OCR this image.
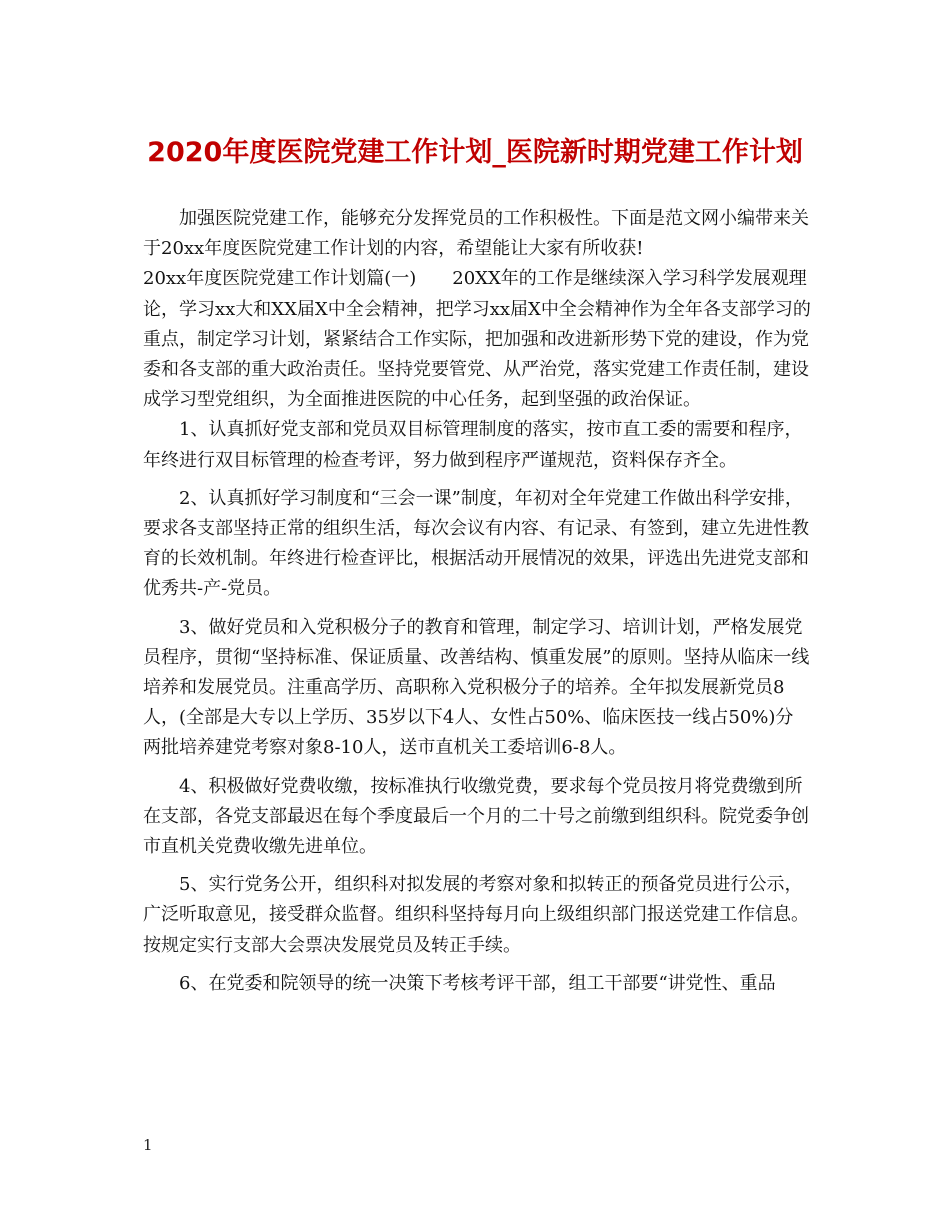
2020年度医院党建工作计划_医院新时期党建工作计划

加强医院党建工作，能够充分发挥党员的工作积极性。下面是范文网小编带来关于20xx年度医院党建工作计划的内容，希望能让大家有所收获!

20xx年度医院党建工作计划篇(一)　　20XX年的工作是继续深入学习科学发展观理论，学习xx大和XX届X中全会精神，把学习xx届X中全会精神作为全年各支部学习的重点，制定学习计划，紧紧结合工作实际，把加强和改进新形势下党的建设，作为党委和各支部的重大政治责任。坚持党要管党、从严治党，落实党建工作责任制，建设成学习型党组织，为全面推进医院的中心任务，起到坚强的政治保证。

1、认真抓好党支部和党员双目标管理制度的落实，按市直工委的需要和程序，年终进行双目标管理的检查考评，努力做到程序严谨规范，资料保存齐全。

2、认真抓好学习制度和“三会一课”制度，年初对全年党建工作做出科学安排，要求各支部坚持正常的组织生活，每次会议有内容、有记录、有签到，建立先进性教育的长效机制。年终进行检查评比，根据活动开展情况的效果，评选出先进党支部和优秀共-产-党员。

3、做好党员和入党积极分子的教育和管理，制定学习、培训计划，严格发展党员程序，贯彻“坚持标准、保证质量、改善结构、慎重发展”的原则。坚持从临床一线培养和发展党员。注重高学历、高职称入党积极分子的培养。全年拟发展新党员8人，(全部是大专以上学历、35岁以下4人、女性占50%、临床医技一线占50%)分两批培养建党考察对象8-10人，送市直机关工委培训6-8人。

4、积极做好党费收缴，按标准执行收缴党费，要求每个党员按月将党费缴到所在支部，各党支部最迟在每个季度最后一个月的二十号之前缴到组织科。院党委争创市直机关党费收缴先进单位。

5、实行党务公开，组织科对拟发展的考察对象和拟转正的预备党员进行公示，广泛听取意见，接受群众监督。组织科坚持每月向上级组织部门报送党建工作信息。按规定实行支部大会票决发展党员及转正手续。

6、在党委和院领导的统一决策下考核考评干部，组工干部要“讲党性、重品

1
